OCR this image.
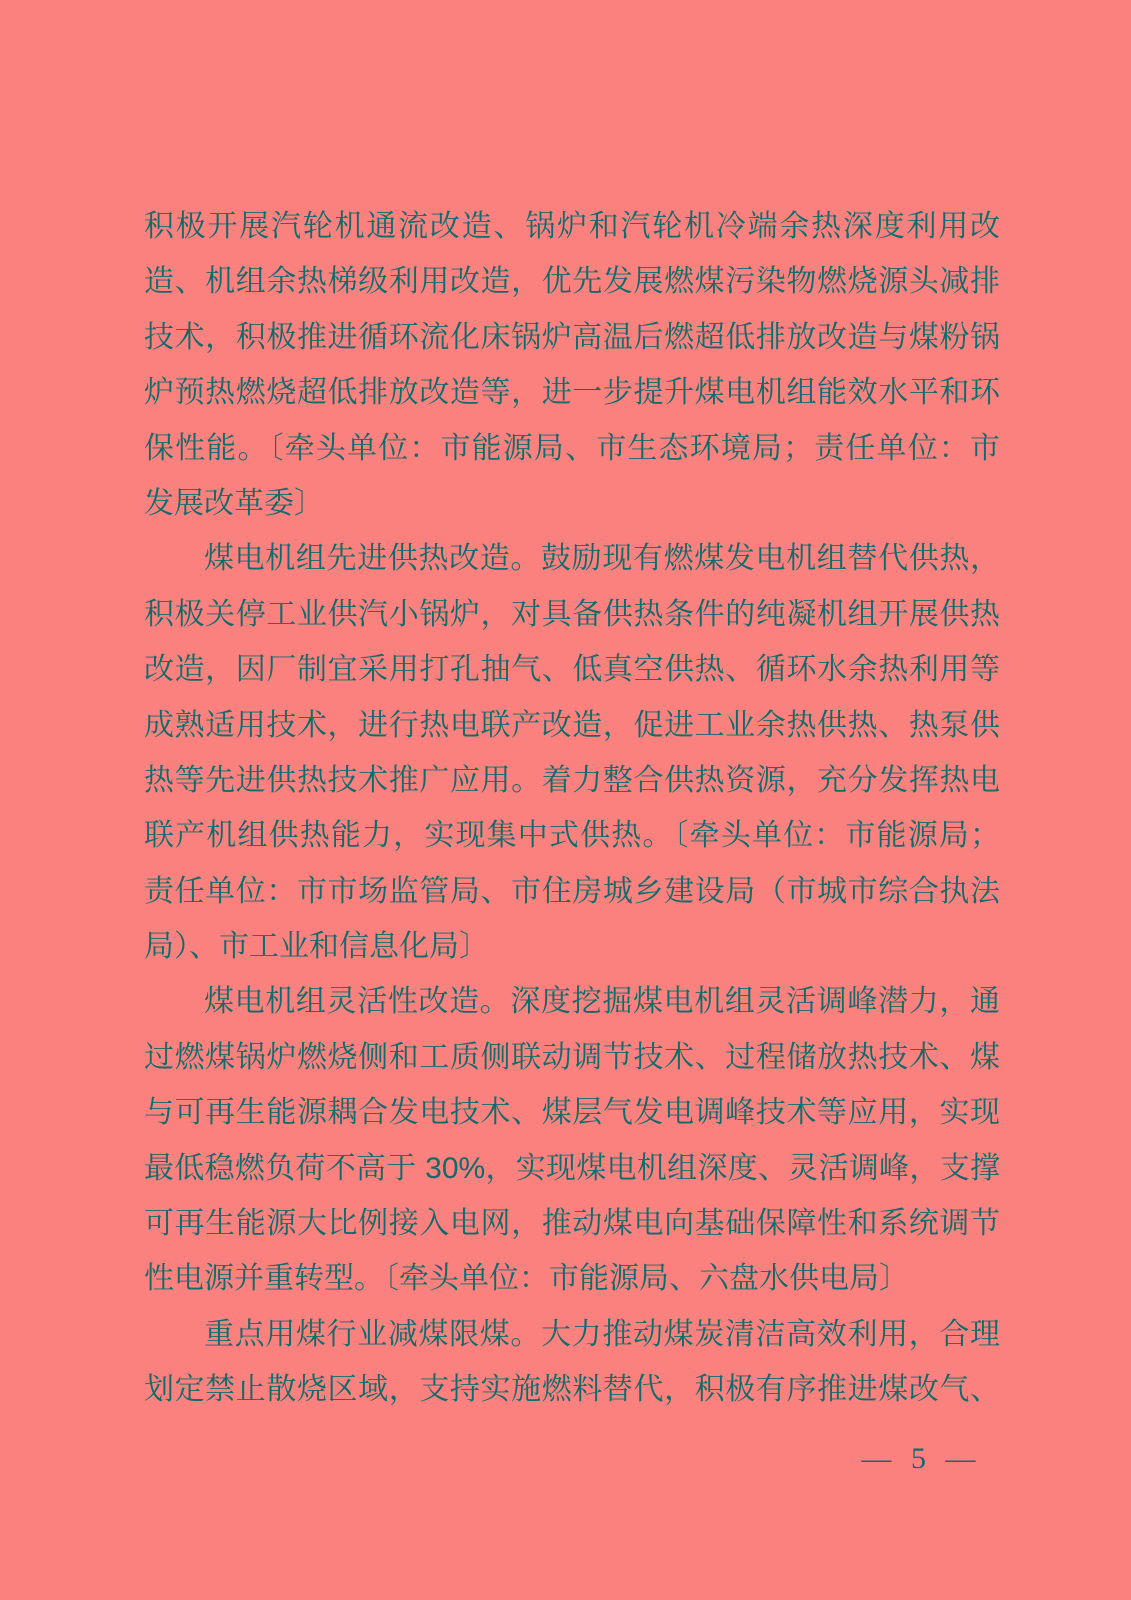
积极开展汽轮机通流改造、锅炉和汽轮机冷端余热深度利用改
造、机组余热梯级利用改造，优先发展燃煤污染物燃烧源头减排
技术，积极推进循环流化床锅炉高温后燃超低排放改造与煤粉锅
炉预热燃烧超低排放改造等，进一步提升煤电机组能效水平和环
保性能。〔牵头单位：市能源局、市生态环境局；责任单位：市
发展改革委〕
煤电机组先进供热改造。鼓励现有燃煤发电机组替代供热，
积极关停工业供汽小锅炉，对具备供热条件的纯凝机组开展供热
改造，因厂制宜采用打孔抽气、低真空供热、循环水余热利用等
成熟适用技术，进行热电联产改造，促进工业余热供热、热泵供
热等先进供热技术推广应用。着力整合供热资源，充分发挥热电
联产机组供热能力，实现集中式供热。〔牵头单位：市能源局；
责任单位：市市场监管局、市住房城乡建设局（市城市综合执法
局）、市工业和信息化局〕
煤电机组灵活性改造。深度挖掘煤电机组灵活调峰潜力，通
过燃煤锅炉燃烧侧和工质侧联动调节技术、过程储放热技术、煤
与可再生能源耦合发电技术、煤层气发电调峰技术等应用，实现
最低稳燃负荷不高于 30%，实现煤电机组深度、灵活调峰，支撑
可再生能源大比例接入电网，推动煤电向基础保障性和系统调节
性电源并重转型。〔牵头单位：市能源局、六盘水供电局〕
重点用煤行业减煤限煤。大力推动煤炭清洁高效利用，合理
划定禁止散烧区域，支持实施燃料替代，积极有序推进煤改气、
— 5 —
